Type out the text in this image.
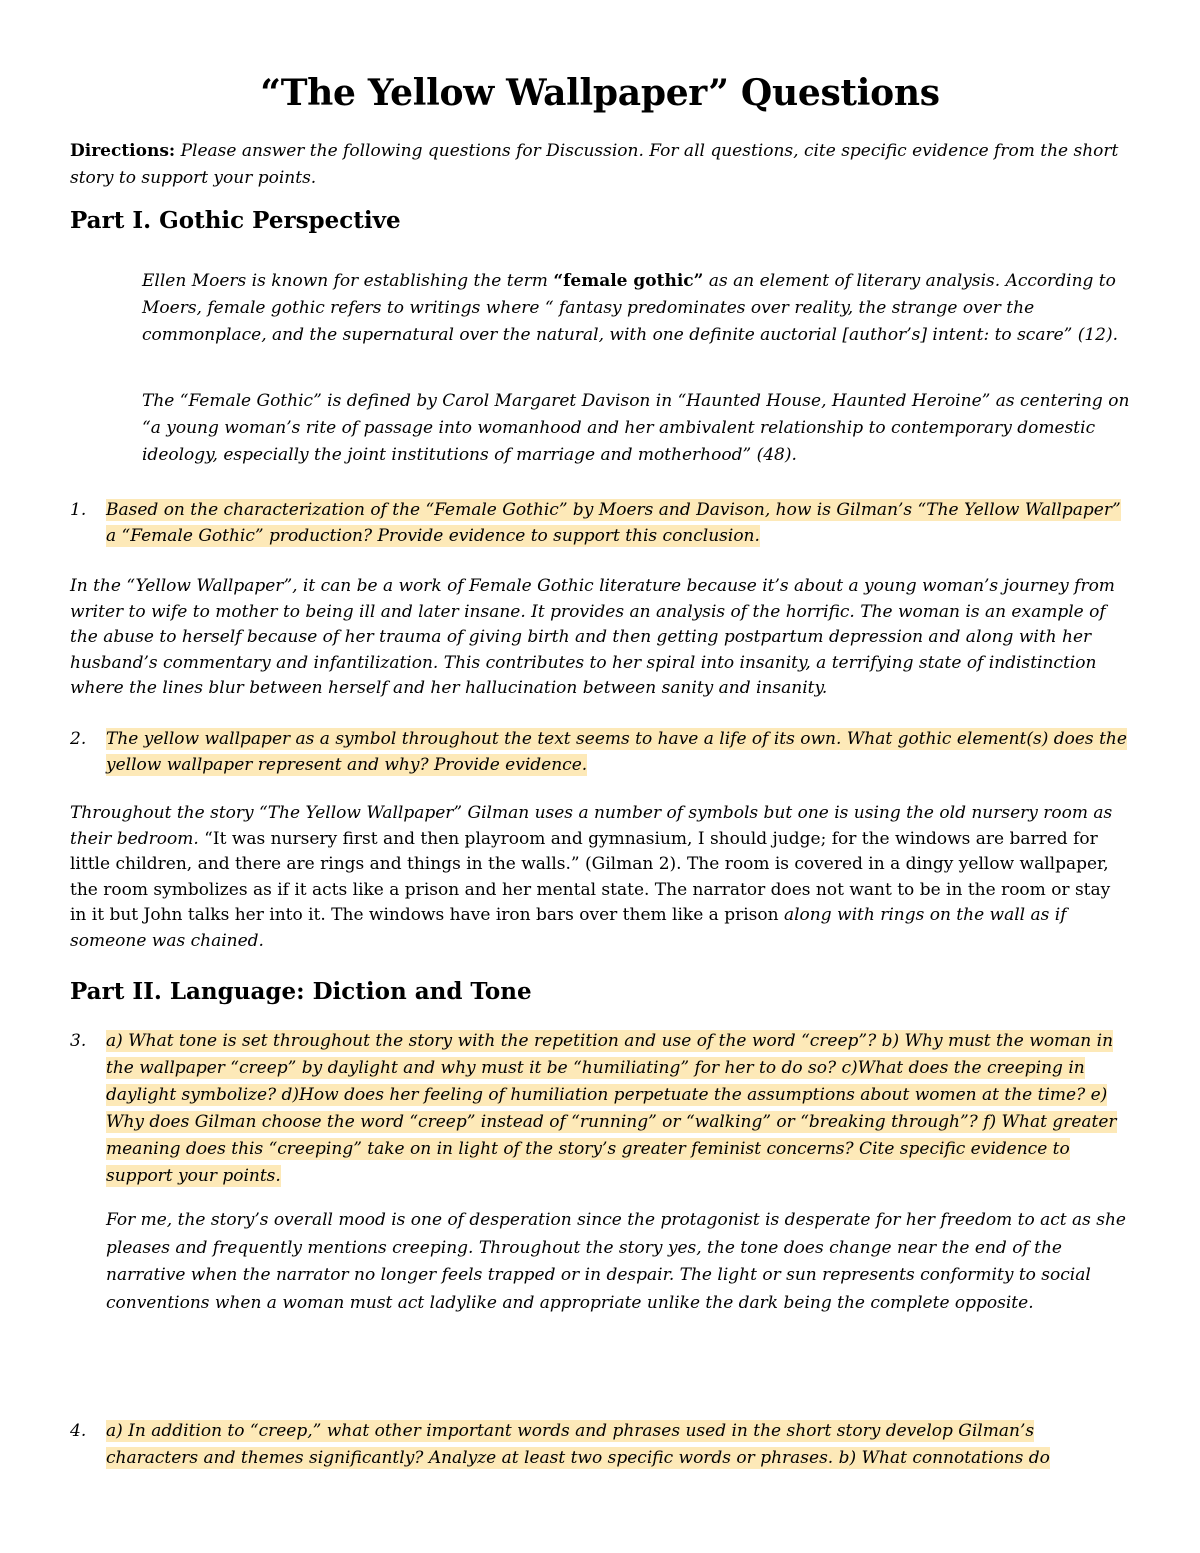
“The Yellow Wallpaper” Questions
Directions: Please answer the following questions for Discussion. For all questions, cite specific evidence from the short story to support your points.
Part I. Gothic Perspective
Ellen Moers is known for establishing the term “female gothic” as an element of literary analysis. According to Moers, female gothic refers to writings where “ fantasy predominates over reality, the strange over the commonplace, and the supernatural over the natural, with one definite auctorial [author’s] intent: to scare” (12).
The “Female Gothic” is defined by Carol Margaret Davison in “Haunted House, Haunted Heroine” as centering on “a young woman’s rite of passage into womanhood and her ambivalent relationship to contemporary domestic ideology, especially the joint institutions of marriage and motherhood” (48).
1. Based on the characterization of the “Female Gothic” by Moers and Davison, how is Gilman’s “The Yellow Wallpaper” a “Female Gothic” production? Provide evidence to support this conclusion.
In the “Yellow Wallpaper”, it can be a work of Female Gothic literature because it’s about a young woman’s journey from writer to wife to mother to being ill and later insane. It provides an analysis of the horrific. The woman is an example of the abuse to herself because of her trauma of giving birth and then getting postpartum depression and along with her husband’s commentary and infantilization. This contributes to her spiral into insanity, a terrifying state of indistinction where the lines blur between herself and her hallucination between sanity and insanity.
2. The yellow wallpaper as a symbol throughout the text seems to have a life of its own. What gothic element(s) does the yellow wallpaper represent and why? Provide evidence.
Throughout the story “The Yellow Wallpaper” Gilman uses a number of symbols but one is using the old nursery room as their bedroom. “It was nursery first and then playroom and gymnasium, I should judge; for the windows are barred for little children, and there are rings and things in the walls.” (Gilman 2). The room is covered in a dingy yellow wallpaper, the room symbolizes as if it acts like a prison and her mental state. The narrator does not want to be in the room or stay in it but John talks her into it. The windows have iron bars over them like a prison along with rings on the wall as if someone was chained.
Part II. Language: Diction and Tone
3. a) What tone is set throughout the story with the repetition and use of the word “creep”? b) Why must the woman in the wallpaper “creep” by daylight and why must it be “humiliating” for her to do so? c)What does the creeping in daylight symbolize? d)How does her feeling of humiliation perpetuate the assumptions about women at the time? e) Why does Gilman choose the word “creep” instead of “running” or “walking” or “breaking through”? f) What greater meaning does this “creeping” take on in light of the story’s greater feminist concerns? Cite specific evidence to support your points.
For me, the story’s overall mood is one of desperation since the protagonist is desperate for her freedom to act as she pleases and frequently mentions creeping. Throughout the story yes, the tone does change near the end of the narrative when the narrator no longer feels trapped or in despair. The light or sun represents conformity to social conventions when a woman must act ladylike and appropriate unlike the dark being the complete opposite.
4. a) In addition to “creep,” what other important words and phrases used in the short story develop Gilman’s characters and themes significantly? Analyze at least two specific words or phrases. b) What connotations do
